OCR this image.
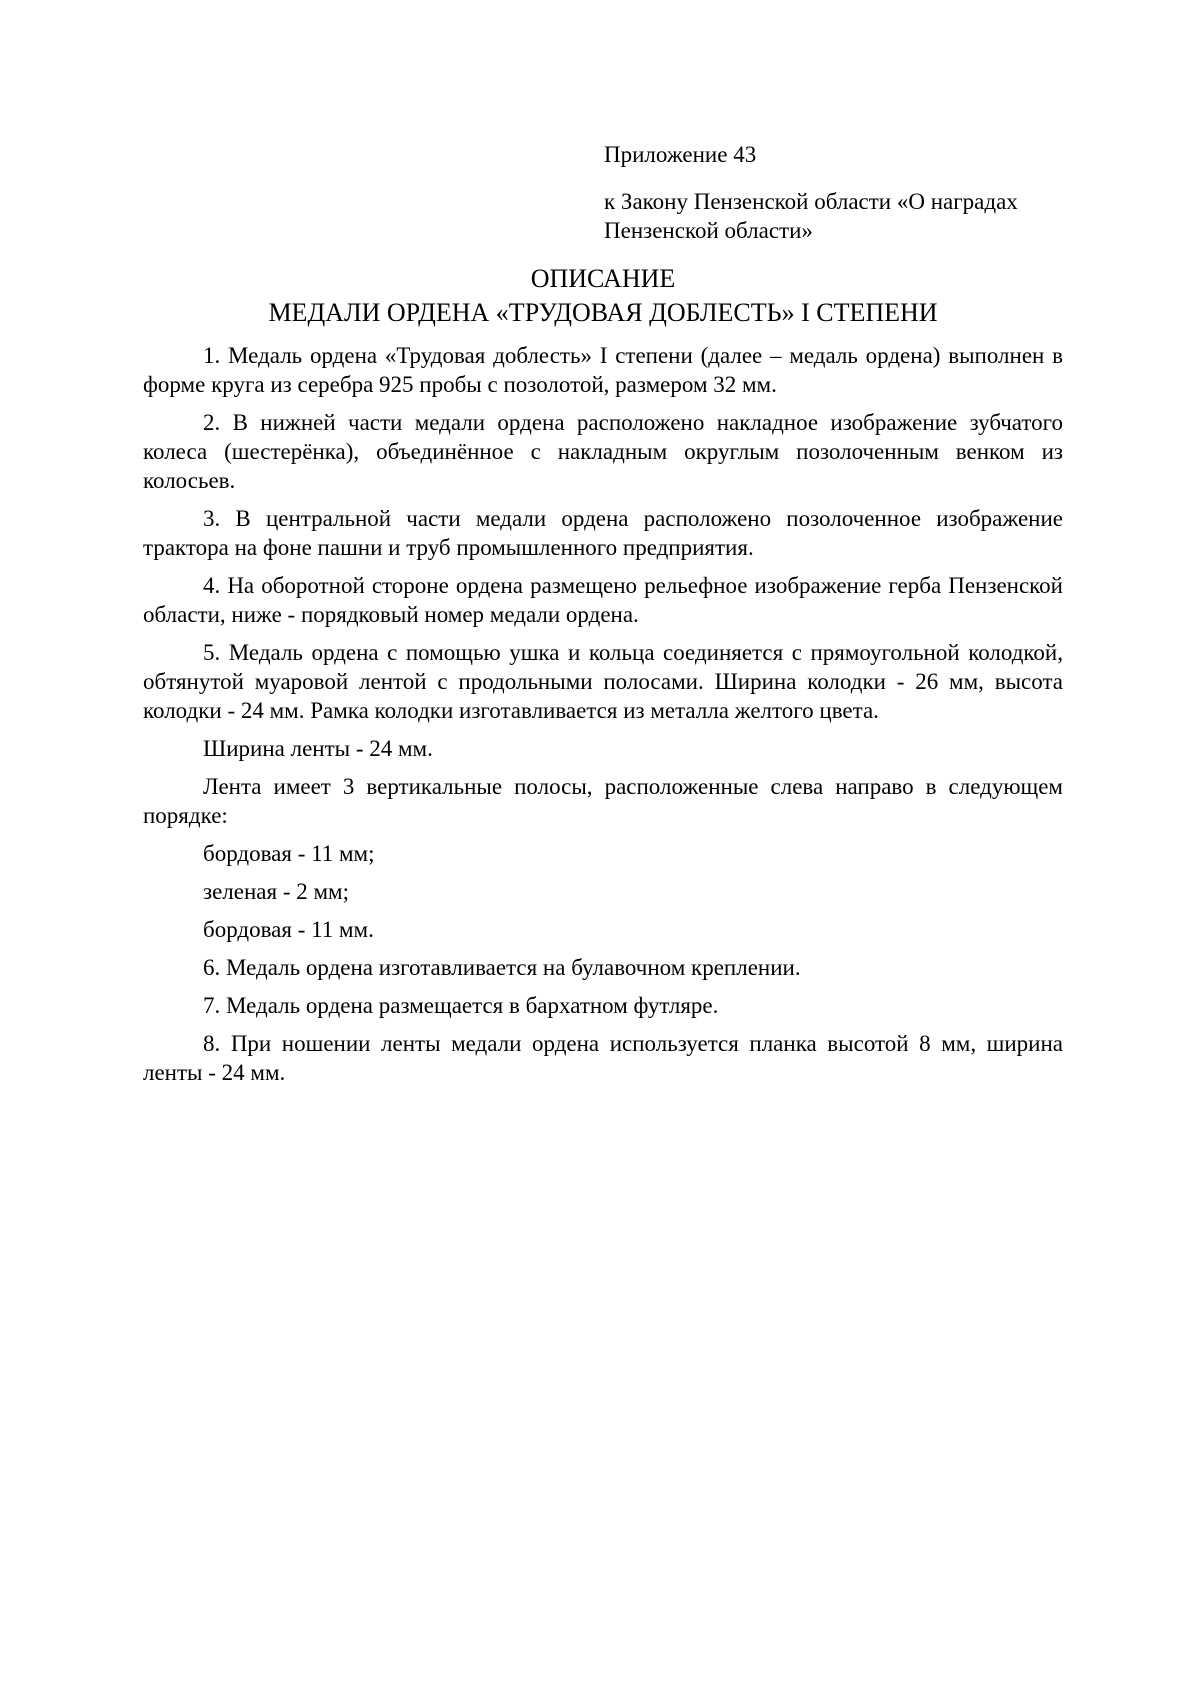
Приложение 43

к Закону Пензенской области «О наградах Пензенской области»

ОПИСАНИЕ
МЕДАЛИ ОРДЕНА «ТРУДОВАЯ ДОБЛЕСТЬ» I СТЕПЕНИ

1. Медаль ордена «Трудовая доблесть» I степени (далее – медаль ордена) выполнен в форме круга из серебра 925 пробы с позолотой, размером 32 мм.

2. В нижней части медали ордена расположено накладное изображение зубчатого колеса (шестерёнка), объединённое с накладным округлым позолоченным венком из колосьев.

3. В центральной части медали ордена расположено позолоченное изображение трактора на фоне пашни и труб промышленного предприятия.

4. На оборотной стороне ордена размещено рельефное изображение герба Пензенской области, ниже - порядковый номер медали ордена.

5. Медаль ордена с помощью ушка и кольца соединяется с прямоугольной колодкой, обтянутой муаровой лентой с продольными полосами. Ширина колодки - 26 мм, высота колодки - 24 мм. Рамка колодки изготавливается из металла желтого цвета.

Ширина ленты - 24 мм.

Лента имеет 3 вертикальные полосы, расположенные слева направо в следующем порядке:

бордовая - 11 мм;

зеленая - 2 мм;

бордовая - 11 мм.

6. Медаль ордена изготавливается на булавочном креплении.

7. Медаль ордена размещается в бархатном футляре.

8. При ношении ленты медали ордена используется планка высотой 8 мм, ширина ленты - 24 мм.
